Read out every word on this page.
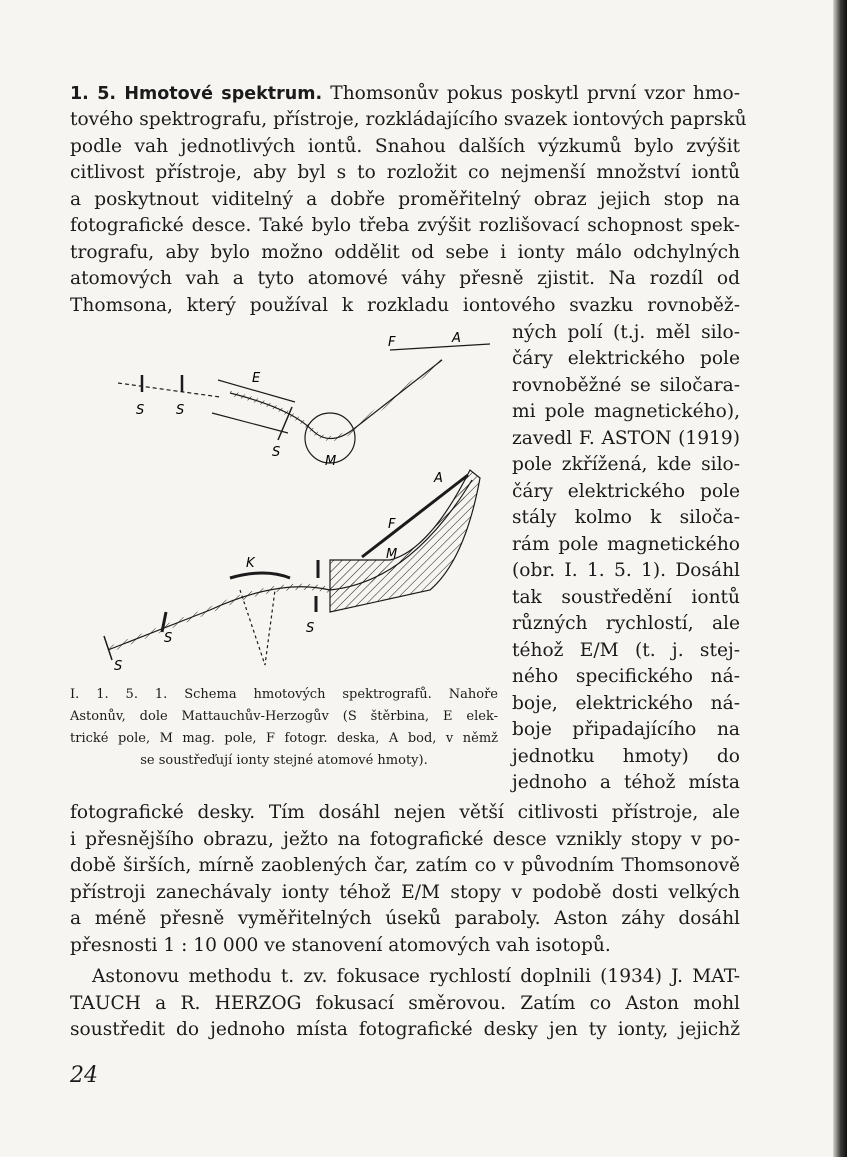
1. 5. Hmotové spektrum. Thomsonův pokus poskytl první vzor hmo-
tového spektrografu, přístroje, rozkládajícího svazek iontových paprsků
podle vah jednotlivých iontů. Snahou dalších výzkumů bylo zvýšit
citlivost přístroje, aby byl s to rozložit co nejmenší množství iontů
a poskytnout viditelný a dobře proměřitelný obraz jejich stop na
fotografické desce. Také bylo třeba zvýšit rozlišovací schopnost spek-
trografu, aby bylo možno oddělit od sebe i ionty málo odchylných
atomových vah a tyto atomové váhy přesně zjistit. Na rozdíl od
Thomsona, který používal k rozkladu iontového svazku rovnoběž-
ných polí (t.j. měl silo-
čáry elektrického pole
rovnoběžné se siločara-
mi pole magnetického),
zavedl F. ASTON (1919)
pole zkřížená, kde silo-
čáry elektrického pole
stály kolmo k siloča-
rám pole magnetického
(obr. I. 1. 5. 1). Dosáhl
tak soustředění iontů
různých rychlostí, ale
téhož E/M (t. j. stej-
ného specifického ná-
boje, elektrického ná-
boje připadajícího na
jednotku hmoty) do
jednoho a téhož místa
F	A
E
S S
S
M
A
F
M
K
S
S
S
I. 1. 5. 1. Schema hmotových spektrografů. Nahoře
Astonův, dole Mattauchův-Herzogův (S štěrbina, E elek-
trické pole, M mag. pole, F fotogr. deska, A bod, v němž
se soustřeďují ionty stejné atomové hmoty).
fotografické desky. Tím dosáhl nejen větší citlivosti přístroje, ale
i přesnějšího obrazu, ježto na fotografické desce vznikly stopy v po-
době širších, mírně zaoblených čar, zatím co v původním Thomsonově
přístroji zanechávaly ionty téhož E/M stopy v podobě dosti velkých
a méně přesně vyměřitelných úseků paraboly. Aston záhy dosáhl
přesnosti 1 : 10 000 ve stanovení atomových vah isotopů.
Astonovu methodu t. zv. fokusace rychlostí doplnili (1934) J. MAT-
TAUCH a R. HERZOG fokusací směrovou. Zatím co Aston mohl
soustředit do jednoho místa fotografické desky jen ty ionty, jejichž
24
